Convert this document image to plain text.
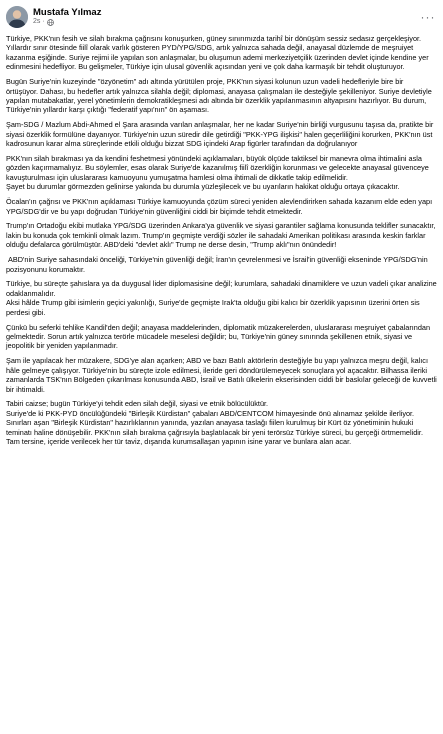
Mustafa Yılmaz
2s ·	···

Türkiye, PKK'nın fesih ve silah bırakma çağrısını konuşurken, güney sınırımızda tarihî bir dönüşüm sessiz sedasız gerçekleşiyor. Yıllardır sınır ötesinde fiilî olarak varlık gösteren PYD/YPG/SDG, artık yalnızca sahada değil, anayasal düzlemde de meşruiyet kazanma eşiğinde. Suriye rejimi ile yapılan son anlaşmalar, bu oluşumun ademi merkeziyetçilik üzerinden devlet içinde kendine yer edinmesini hedefliyor. Bu gelişmeler, Türkiye için ulusal güvenlik açısından yeni ve çok daha karmaşık bir tehdit oluşturuyor.

Bugün Suriye'nin kuzeyinde "özyönetim" adı altında yürütülen proje, PKK'nın siyasi kolunun uzun vadeli hedefleriyle bire bir örtüşüyor. Dahası, bu hedefler artık yalnızca silahla değil; diplomasi, anayasa çalışmaları ile desteğiyle şekilleniyor. Suriye devletiyle yapılan mutabakatlar, yerel yönetimlerin demokratikleşmesi adı altında bir özerklik yapılanmasının altyapısını hazırlıyor. Bu durum, Türkiye'nin yıllardır karşı çıktığı "federatif yapı'nın" ön aşaması.

Şam-SDG / Mazlum Abdi-Ahmed el Şara arasında varılan anlaşmalar, her ne kadar Suriye'nin birliği vurgusunu taşısa da, pratikte bir siyasi özerklik formülüne dayanıyor. Türkiye'nin uzun süredir dile getirdiği "PKK-YPG ilişkisi" halen geçerliliğini korurken, PKK'nın üst kadrosunun karar alma süreçlerinde etkili olduğu bizzat SDG içindeki Arap figürler tarafından da doğrulanıyor

PKK'nın silah bırakması ya da kendini feshetmesi yönündeki açıklamaları, büyük ölçüde taktiksel bir manevra olma ihtimalini asla gözden kaçırmamalıyız. Bu söylemler, esas olarak Suriye'de kazanılmış fiilî özerkliğin korunması ve gelecekte anayasal güvenceye kavuşturulması için uluslararası kamuoyunu yumuşatma hamlesi olma ihtimali de dikkatle takip edilmelidir.
Şayet bu durumlar görmezden gelinirse yakında bu durumla yüzleşilecek ve bu uyarıların hakikat olduğu ortaya çıkacaktır.

Öcalan'ın çağrısı ve PKK'nın açıklaması Türkiye kamuoyunda çözüm süreci yeniden alevlendirirken sahada kazanım elde eden yapı YPG/SDG'dir ve bu yapı doğrudan Türkiye'nin güvenliğini ciddi bir biçimde tehdit etmektedir.

Trump'ın Ortadoğu ekibi mutlaka YPG/SDG üzerinden Ankara'ya güvenlik ve siyasi garantiler sağlama konusunda teklifler sunacaktır, lakin bu konuda çok temkinli olmak lazım. Trump'ın geçmişte verdiği sözler ile sahadaki Amerikan politikası arasında keskin farklar olduğu defalarca görülmüştür. ABD'deki "devlet aklı" Trump ne derse desin, "Trump aklı"nın önündedir!

ABD'nin Suriye sahasındaki önceliği, Türkiye'nin güvenliği değil; İran'ın çevrelenmesi ve İsrail'in güvenliği ekseninde YPG/SDG'nin pozisyonunu korumaktır.

Türkiye, bu süreçte şahıslara ya da duygusal lider diplomasisine değil; kurumlara, sahadaki dinamiklere ve uzun vadeli çıkar analizine odaklanmalıdır.
Aksi hâlde Trump gibi isimlerin geçici yakınlığı, Suriye'de geçmişte Irak'ta olduğu gibi kalıcı bir özerklik yapısının üzerini örten sis perdesi gibi.

Çünkü bu seferki tehlike Kandil'den değil; anayasa maddelerinden, diplomatik müzakerelerden, uluslararası meşruiyet çabalarından gelmektedir. Sorun artık yalnızca terörle mücadele meselesi değildir; bu, Türkiye'nin güney sınırında şekillenen etnik, siyasi ve jeopolitik bir yeniden yapılanmadır.

Şam ile yapılacak her müzakere, SDG'ye alan açarken; ABD ve bazı Batılı aktörlerin desteğiyle bu yapı yalnızca meşru değil, kalıcı hâle gelmeye çalışıyor. Türkiye'nin bu süreçte izole edilmesi, ileride geri döndürülemeyecek sonuçlara yol açacaktır. Bilhassa ileriki zamanlarda TSK'nın Bölgeden çıkarılması konusunda ABD, İsrail ve Batılı ülkelerin ekserisinden ciddi bir baskılar geleceği de kuvvetli bir ihtimaldi.

Tabiri caizse; bugün Türkiye'yi tehdit eden silah değil, siyasi ve etnik bölücülüktür.
Suriye'de ki PKK-PYD öncülüğündeki "Birleşik Kürdistan" çabaları ABD/CENTCOM himayesinde önü alınamaz şekilde ilerliyor. Sınırları aşan "Birleşik Kürdistan" hazırlıklarının yanında, yazılan anayasa taslağı fiilen kurulmuş bir Kürt öz yönetiminin hukuki teminatı haline dönüşebilir. PKK'nın silah bırakma çağrısıyla başlatılacak bir yeni terörsüz Türkiye süreci, bu gerçeği örtmemelidir. Tam tersine, içeride verilecek her tür taviz, dışarıda kurumsallaşan yapının isine yarar ve bunlara alan acar.
